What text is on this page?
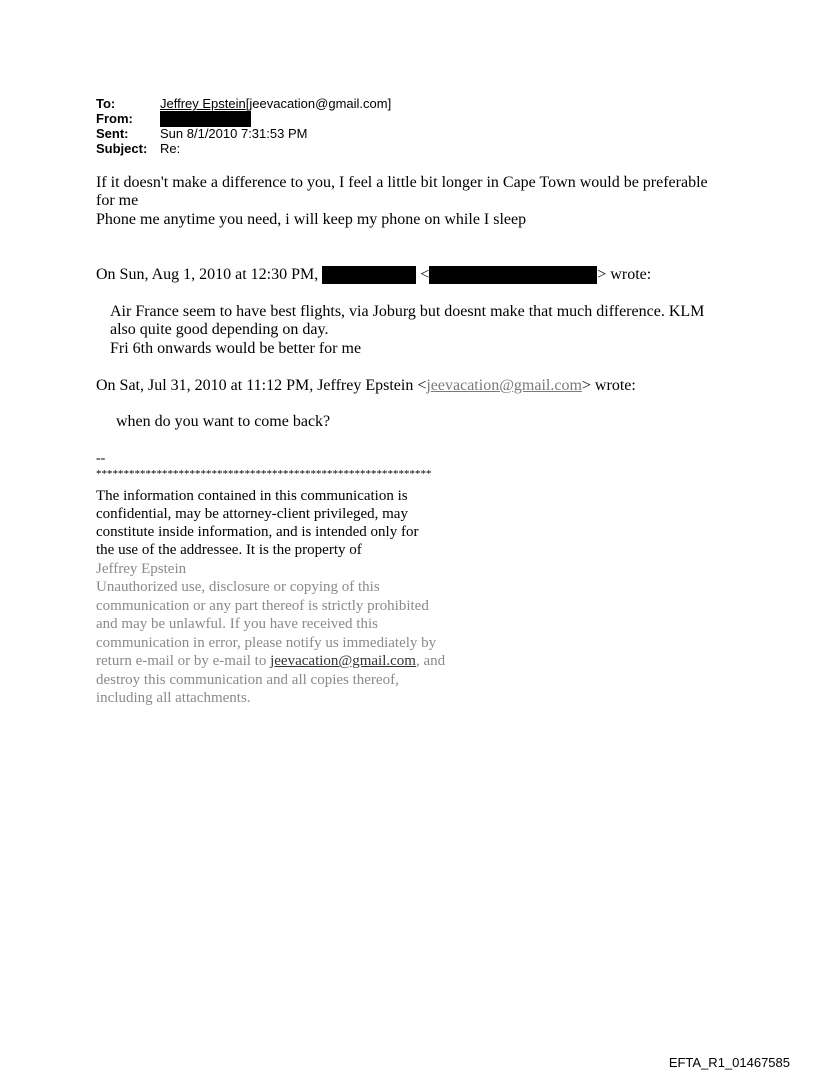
To:	Jeffrey Epstein[jeevacation@gmail.com]
From:
Sent: Sun 8/1/2010 7:31:53 PM
Subject: Re:
If it doesn't make a difference to you, I feel a little bit longer in Cape Town would be preferable
for me
Phone me anytime you need, i will keep my phone on while I sleep
On Sun, Aug 1, 2010 at 12:30 PM,	<	> wrote:
Air France seem to have best flights, via Joburg but doesnt make that much difference. KLM
also quite good depending on day.
Fri 6th onwards would be better for me
On Sat, Jul 31, 2010 at 11:12 PM, Jeffrey Epstein <jeevacation@gmail.com> wrote:
when do you want to come back?
--
*************************************************************
The information contained in this communication is
confidential, may be attorney-client privileged, may
constitute inside information, and is intended only for
the use of the addressee. It is the property of
Jeffrey Epstein
Unauthorized use, disclosure or copying of this
communication or any part thereof is strictly prohibited
and may be unlawful. If you have received this
communication in error, please notify us immediately by
return e-mail or by e-mail to jeevacation@gmail.com, and
destroy this communication and all copies thereof,
including all attachments.
EFTA_R1_01467585
